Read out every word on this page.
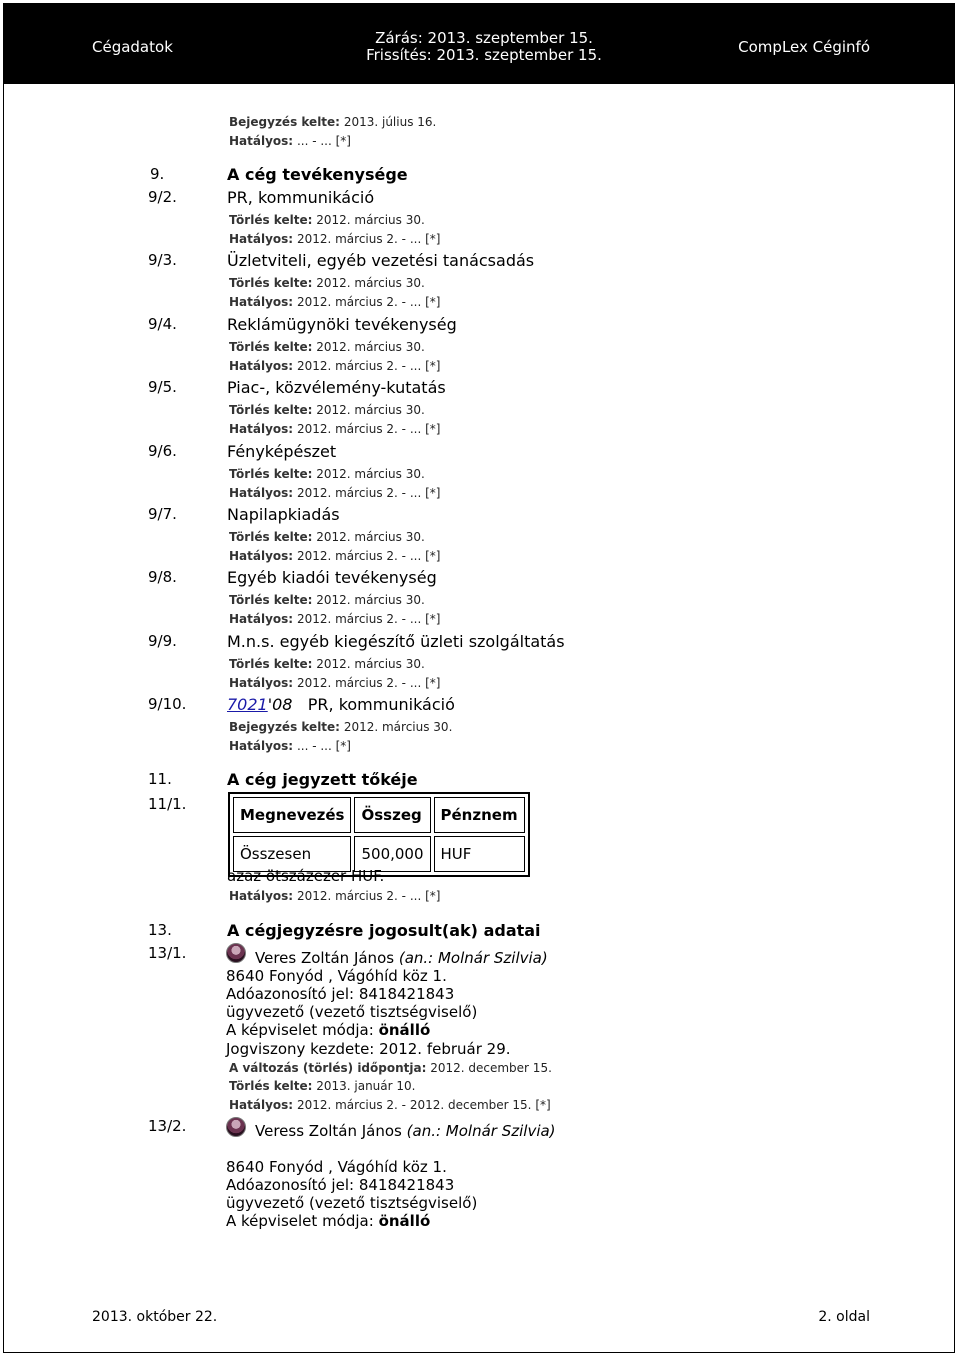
Cégadatok	Zárás: 2013. szeptember 15.
Frissítés: 2013. szeptember 15.	CompLex Céginfó
Bejegyzés kelte: 2013. július 16.
Hatályos: ... - ... [*]
9.	A cég tevékenysége
9/2.	PR, kommunikáció
Törlés kelte: 2012. március 30.
Hatályos: 2012. március 2. - ... [*]
9/3.	Üzletviteli, egyéb vezetési tanácsadás
Törlés kelte: 2012. március 30.
Hatályos: 2012. március 2. - ... [*]
9/4.	Reklámügynöki tevékenység
Törlés kelte: 2012. március 30.
Hatályos: 2012. március 2. - ... [*]
9/5.	Piac-, közvélemény-kutatás
Törlés kelte: 2012. március 30.
Hatályos: 2012. március 2. - ... [*]
9/6.	Fényképészet
Törlés kelte: 2012. március 30.
Hatályos: 2012. március 2. - ... [*]
9/7.	Napilapkiadás
Törlés kelte: 2012. március 30.
Hatályos: 2012. március 2. - ... [*]
9/8.	Egyéb kiadói tevékenység
Törlés kelte: 2012. március 30.
Hatályos: 2012. március 2. - ... [*]
9/9.	M.n.s. egyéb kiegészítő üzleti szolgáltatás
Törlés kelte: 2012. március 30.
Hatályos: 2012. március 2. - ... [*]
9/10.	7021'08 PR, kommunikáció
Bejegyzés kelte: 2012. március 30.
Hatályos: ... - ... [*]
11.	A cég jegyzett tőkéje
11/1.
Megnevezés	Összeg	Pénznem
Összesen	500,000	HUF
azaz ötszázezer HUF.
Hatályos: 2012. március 2. - ... [*]
13.	A cégjegyzésre jogosult(ak) adatai
13/1.	Veres Zoltán János (an.: Molnár Szilvia)
8640 Fonyód , Vágóhíd köz 1.
Adóazonosító jel: 8418421843
ügyvezető (vezető tisztségviselő)
A képviselet módja: önálló
Jogviszony kezdete: 2012. február 29.
A változás (törlés) időpontja: 2012. december 15.
Törlés kelte: 2013. január 10.
Hatályos: 2012. március 2. - 2012. december 15. [*]
13/2.	Veress Zoltán János (an.: Molnár Szilvia)
8640 Fonyód , Vágóhíd köz 1.
Adóazonosító jel: 8418421843
ügyvezető (vezető tisztségviselő)
A képviselet módja: önálló
2013. október 22.	2. oldal
